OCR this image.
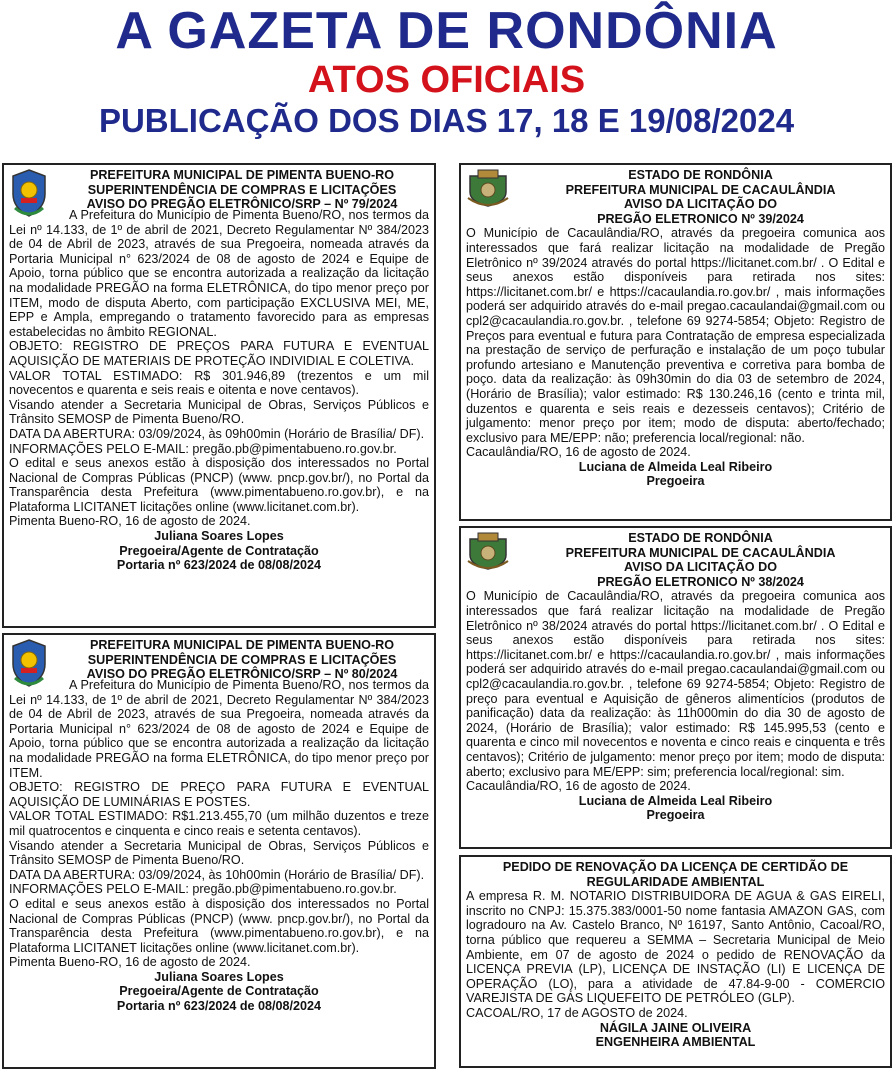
A GAZETA DE RONDÔNIA
ATOS OFICIAIS
PUBLICAÇÃO DOS DIAS 17, 18 E 19/08/2024

PREFEITURA MUNICIPAL DE PIMENTA BUENO-RO

SUPERINTENDÊNCIA DE COMPRAS E LICITAÇÕES

AVISO DO PREGÃO ELETRÔNICO/SRP – Nº 79/2024

A Prefeitura do Município de Pimenta Bueno/RO, nos termos da Lei nº 14.133, de 1º de abril de 2021, Decreto Regulamentar Nº 384/2023 de 04 de Abril de 2023, através de sua Pregoeira, nomeada através da Portaria Municipal n° 623/2024 de 08 de agosto de 2024 e Equipe de Apoio, torna público que se encontra autorizada a realização da licitação na modalidade PREGÃO na forma ELETRÔNICA, do tipo menor preço por ITEM, modo de disputa Aberto, com participação EXCLUSIVA MEI, ME, EPP e Ampla, empregando o tratamento favorecido para as empresas estabelecidas no âmbito REGIONAL.

OBJETO: REGISTRO DE PREÇOS PARA FUTURA E EVENTUAL AQUISIÇÃO DE MATERIAIS DE PROTEÇÃO INDIVIDIAL E COLETIVA.

VALOR TOTAL ESTIMADO: R$ 301.946,89 (trezentos e um mil novecentos e quarenta e seis reais e oitenta e nove centavos).

Visando atender a Secretaria Municipal de Obras, Serviços Públicos e Trânsito SEMOSP de Pimenta Bueno/RO.

DATA DA ABERTURA: 03/09/2024, às 09h00min (Horário de Brasília/ DF).

INFORMAÇÕES PELO E-MAIL: pregão.pb@pimentabueno.ro.gov.br.

O edital e seus anexos estão à disposição dos interessados no Portal Nacional de Compras Públicas (PNCP) (www. pncp.gov.br/), no Portal da Transparência desta Prefeitura (www.pimentabueno.ro.gov.br), e na Plataforma LICITANET licitações online (www.licitanet.com.br).

Pimenta Bueno-RO, 16 de agosto de 2024.

Juliana Soares Lopes

Pregoeira/Agente de Contratação

Portaria nº 623/2024 de 08/08/2024

PREFEITURA MUNICIPAL DE PIMENTA BUENO-RO

SUPERINTENDÊNCIA DE COMPRAS E LICITAÇÕES

AVISO DO PREGÃO ELETRÔNICO/SRP – Nº 80/2024

A Prefeitura do Município de Pimenta Bueno/RO, nos termos da Lei nº 14.133, de 1º de abril de 2021, Decreto Regulamentar Nº 384/2023 de 04 de Abril de 2023, através de sua Pregoeira, nomeada através da Portaria Municipal n° 623/2024 de 08 de agosto de 2024 e Equipe de Apoio, torna público que se encontra autorizada a realização da licitação na modalidade PREGÃO na forma ELETRÔNICA, do tipo menor preço por ITEM.

OBJETO: REGISTRO DE PREÇO PARA FUTURA E EVENTUAL AQUISIÇÃO DE LUMINÁRIAS E POSTES.

VALOR TOTAL ESTIMADO: R$1.213.455,70 (um milhão duzentos e treze mil quatrocentos e cinquenta e cinco reais e setenta centavos).

Visando atender a Secretaria Municipal de Obras, Serviços Públicos e Trânsito SEMOSP de Pimenta Bueno/RO.

DATA DA ABERTURA: 03/09/2024, às 10h00min (Horário de Brasília/ DF).

INFORMAÇÕES PELO E-MAIL: pregão.pb@pimentabueno.ro.gov.br.

O edital e seus anexos estão à disposição dos interessados no Portal Nacional de Compras Públicas (PNCP) (www. pncp.gov.br/), no Portal da Transparência desta Prefeitura (www.pimentabueno.ro.gov.br), e na Plataforma LICITANET licitações online (www.licitanet.com.br).

Pimenta Bueno-RO, 16 de agosto de 2024.

Juliana Soares Lopes

Pregoeira/Agente de Contratação

Portaria nº 623/2024 de 08/08/2024

ESTADO DE RONDÔNIA

PREFEITURA MUNICIPAL DE CACAULÂNDIA

AVISO DA LICITAÇÃO DO

PREGÃO ELETRONICO Nº 39/2024

O Município de Cacaulândia/RO, através da pregoeira comunica aos interessados que fará realizar licitação na modalidade de Pregão Eletrônico nº 39/2024 através do portal https://licitanet.com.br/ . O Edital e seus anexos estão disponíveis para retirada nos sites: https://licitanet.com.br/ e https://cacaulandia.ro.gov.br/ , mais informações poderá ser adquirido através do e-mail pregao.cacaulandai@gmail.com ou cpl2@cacaulandia.ro.gov.br. , telefone 69 9274-5854; Objeto: Registro de Preços para eventual e futura para Contratação de empresa especializada na prestação de serviço de perfuração e instalação de um poço tubular profundo artesiano e Manutenção preventiva e corretiva para bomba de poço. data da realização: às 09h30min do dia 03 de setembro de 2024, (Horário de Brasília); valor estimado: R$ 130.246,16 (cento e trinta mil, duzentos e quarenta e seis reais e dezesseis centavos); Critério de julgamento: menor preço por item; modo de disputa: aberto/fechado; exclusivo para ME/EPP: não; preferencia local/regional: não.

Cacaulândia/RO, 16 de agosto de 2024.

Luciana de Almeida Leal Ribeiro

Pregoeira

ESTADO DE RONDÔNIA

PREFEITURA MUNICIPAL DE CACAULÂNDIA

AVISO DA LICITAÇÃO DO

PREGÃO ELETRONICO Nº 38/2024

O Município de Cacaulândia/RO, através da pregoeira comunica aos interessados que fará realizar licitação na modalidade de Pregão Eletrônico nº 38/2024 através do portal https://licitanet.com.br/ . O Edital e seus anexos estão disponíveis para retirada nos sites: https://licitanet.com.br/ e https://cacaulandia.ro.gov.br/ , mais informações poderá ser adquirido através do e-mail pregao.cacaulandai@gmail.com ou cpl2@cacaulandia.ro.gov.br. , telefone 69 9274-5854; Objeto: Registro de preço para eventual e Aquisição de gêneros alimentícios (produtos de panificação) data da realização: às 11h000min do dia 30 de agosto de 2024, (Horário de Brasília); valor estimado: R$ 145.995,53 (cento e quarenta e cinco mil novecentos e noventa e cinco reais e cinquenta e três centavos); Critério de julgamento: menor preço por item; modo de disputa: aberto; exclusivo para ME/EPP: sim; preferencia local/regional: sim.

Cacaulândia/RO, 16 de agosto de 2024.

Luciana de Almeida Leal Ribeiro

Pregoeira

PEDIDO DE RENOVAÇÃO DA LICENÇA DE CERTIDÃO DE

REGULARIDADE AMBIENTAL

A empresa R. M. NOTARIO DISTRIBUIDORA DE AGUA & GAS EIRELI, inscrito no CNPJ: 15.375.383/0001-50 nome fantasia AMAZON GAS, com logradouro na Av. Castelo Branco, Nº 16197, Santo Antônio, Cacoal/RO, torna público que requereu a SEMMA – Secretaria Municipal de Meio Ambiente, em 07 de agosto de 2024 o pedido de RENOVAÇÃO da LICENÇA PREVIA (LP), LICENÇA DE INSTAÇÃO (LI) E LICENÇA DE OPERAÇÃO (LO), para a atividade de 47.84-9-00 - COMERCIO VAREJISTA DE GÁS LIQUEFEITO DE PETRÓLEO (GLP).

CACOAL/RO, 17 de AGOSTO de 2024.

NÁGILA JAINE OLIVEIRA

ENGENHEIRA AMBIENTAL
